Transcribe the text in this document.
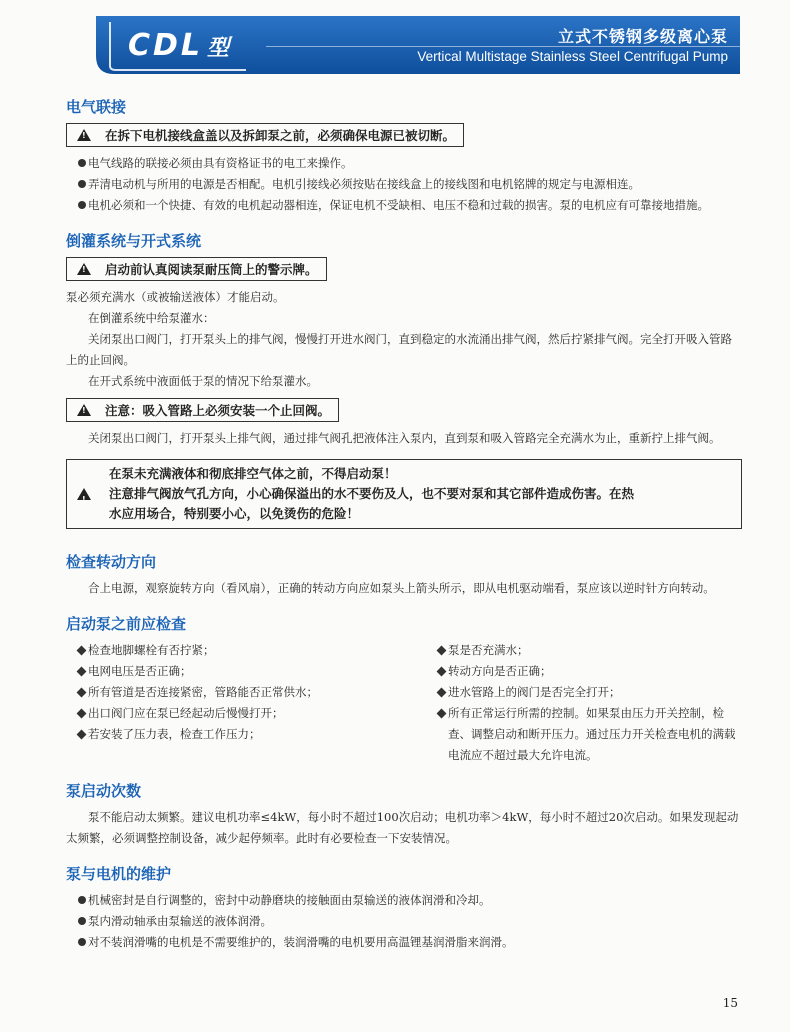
CDL 型	立式不锈钢多级离心泵
Vertical Multistage Stainless Steel Centrifugal Pump
电气联接
!
在拆下电机接线盒盖以及拆卸泵之前，必须确保电源已被切断。
电气线路的联接必须由具有资格证书的电工来操作。
弄清电动机与所用的电源是否相配。电机引接线必须按贴在接线盒上的接线图和电机铭牌的规定与电源相连。
电机必须和一个快捷、有效的电机起动器相连，保证电机不受缺相、电压不稳和过载的损害。泵的电机应有可靠接地措施。
倒灌系统与开式系统
!
启动前认真阅读泵耐压筒上的警示牌。

泵必须充满水（或被输送液体）才能启动。

在倒灌系统中给泵灌水：

关闭泵出口阀门，打开泵头上的排气阀，慢慢打开进水阀门，直到稳定的水流涌出排气阀，然后拧紧排气阀。完全打开吸入管路上的止回阀。

在开式系统中液面低于泵的情况下给泵灌水。

!
注意：吸入管路上必须安装一个止回阀。

关闭泵出口阀门，打开泵头上排气阀，通过排气阀孔把液体注入泵内，直到泵和吸入管路完全充满水为止，重新拧上排气阀。

!
在泵未充满液体和彻底排空气体之前，不得启动泵！
注意排气阀放气孔方向，小心确保溢出的水不要伤及人，也不要对泵和其它部件造成伤害。在热
水应用场合，特别要小心，以免烫伤的危险！
检查转动方向

合上电源，观察旋转方向（看风扇），正确的转动方向应如泵头上箭头所示，即从电机驱动端看，泵应该以逆时针方向转动。

启动泵之前应检查
检查地脚螺栓有否拧紧；
电网电压是否正确；
所有管道是否连接紧密，管路能否正常供水；
出口阀门应在泵已经起动后慢慢打开；
若安装了压力表，检查工作压力；
泵是否充满水；
转动方向是否正确；
进水管路上的阀门是否完全打开；
所有正常运行所需的控制。如果泵由压力开关控制，检查、调整启动和断开压力。通过压力开关检查电机的满载电流应不超过最大允许电流。
泵启动次数

泵不能启动太频繁。建议电机功率≤4kW，每小时不超过100次启动；电机功率＞4kW，每小时不超过20次启动。如果发现起动太频繁，必须调整控制设备，减少起停频率。此时有必要检查一下安装情况。

泵与电机的维护
机械密封是自行调整的，密封中动静磨块的接触面由泵输送的液体润滑和冷却。
泵内滑动轴承由泵输送的液体润滑。
对不装润滑嘴的电机是不需要维护的，装润滑嘴的电机要用高温锂基润滑脂来润滑。
15
